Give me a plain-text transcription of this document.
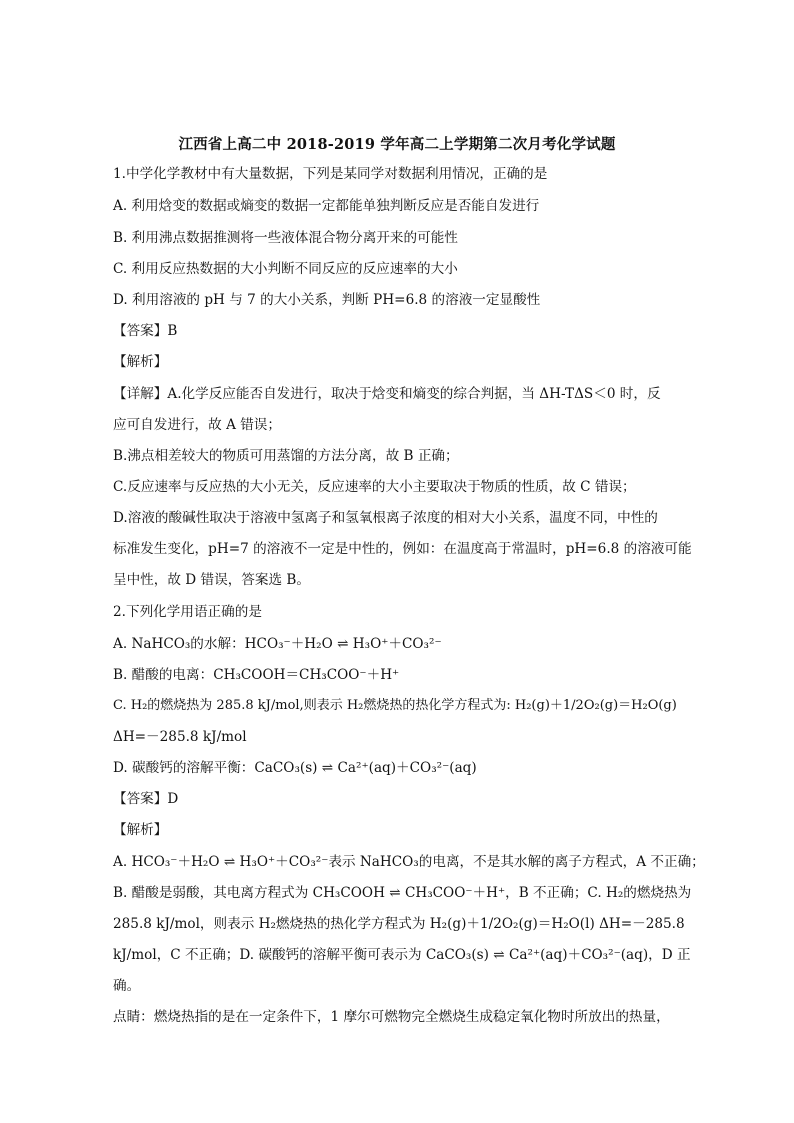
江西省上高二中 2018-2019 学年高二上学期第二次月考化学试题
1.中学化学教材中有大量数据，下列是某同学对数据利用情况，正确的是
A. 利用焓变的数据或熵变的数据一定都能单独判断反应是否能自发进行
B. 利用沸点数据推测将一些液体混合物分离开来的可能性
C. 利用反应热数据的大小判断不同反应的反应速率的大小
D. 利用溶液的 pH 与 7 的大小关系，判断 PH=6.8 的溶液一定显酸性
【答案】B
【解析】
【详解】A.化学反应能否自发进行，取决于焓变和熵变的综合判据，当 ΔH-TΔS＜0 时，反
应可自发进行，故 A 错误；
B.沸点相差较大的物质可用蒸馏的方法分离，故 B 正确；
C.反应速率与反应热的大小无关，反应速率的大小主要取决于物质的性质，故 C 错误；
D.溶液的酸碱性取决于溶液中氢离子和氢氧根离子浓度的相对大小关系，温度不同，中性的
标准发生变化，pH=7 的溶液不一定是中性的，例如：在温度高于常温时，pH=6.8 的溶液可能
呈中性，故 D 错误，答案选 B。
2.下列化学用语正确的是
A. NaHCO₃的水解：HCO₃⁻＋H₂O ⇌ H₃O⁺＋CO₃²⁻
B. 醋酸的电离：CH₃COOH＝CH₃COO⁻＋H⁺
C. H₂的燃烧热为 285.8 kJ/mol,则表示 H₂燃烧热的热化学方程式为: H₂(g)＋1/2O₂(g)＝H₂O(g)
ΔH=－285.8 kJ/mol
D. 碳酸钙的溶解平衡：CaCO₃(s) ⇌ Ca²⁺(aq)＋CO₃²⁻(aq)
【答案】D
【解析】
A. HCO₃⁻＋H₂O ⇌ H₃O⁺＋CO₃²⁻表示 NaHCO₃的电离，不是其水解的离子方程式，A 不正确；
B. 醋酸是弱酸，其电离方程式为 CH₃COOH ⇌ CH₃COO⁻＋H⁺，B 不正确；C. H₂的燃烧热为
285.8 kJ/mol，则表示 H₂燃烧热的热化学方程式为 H₂(g)＋1/2O₂(g)＝H₂O(l) ΔH=－285.8
kJ/mol，C 不正确；D. 碳酸钙的溶解平衡可表示为 CaCO₃(s) ⇌ Ca²⁺(aq)＋CO₃²⁻(aq)，D 正
确。
点睛：燃烧热指的是在一定条件下，1 摩尔可燃物完全燃烧生成稳定氧化物时所放出的热量，
